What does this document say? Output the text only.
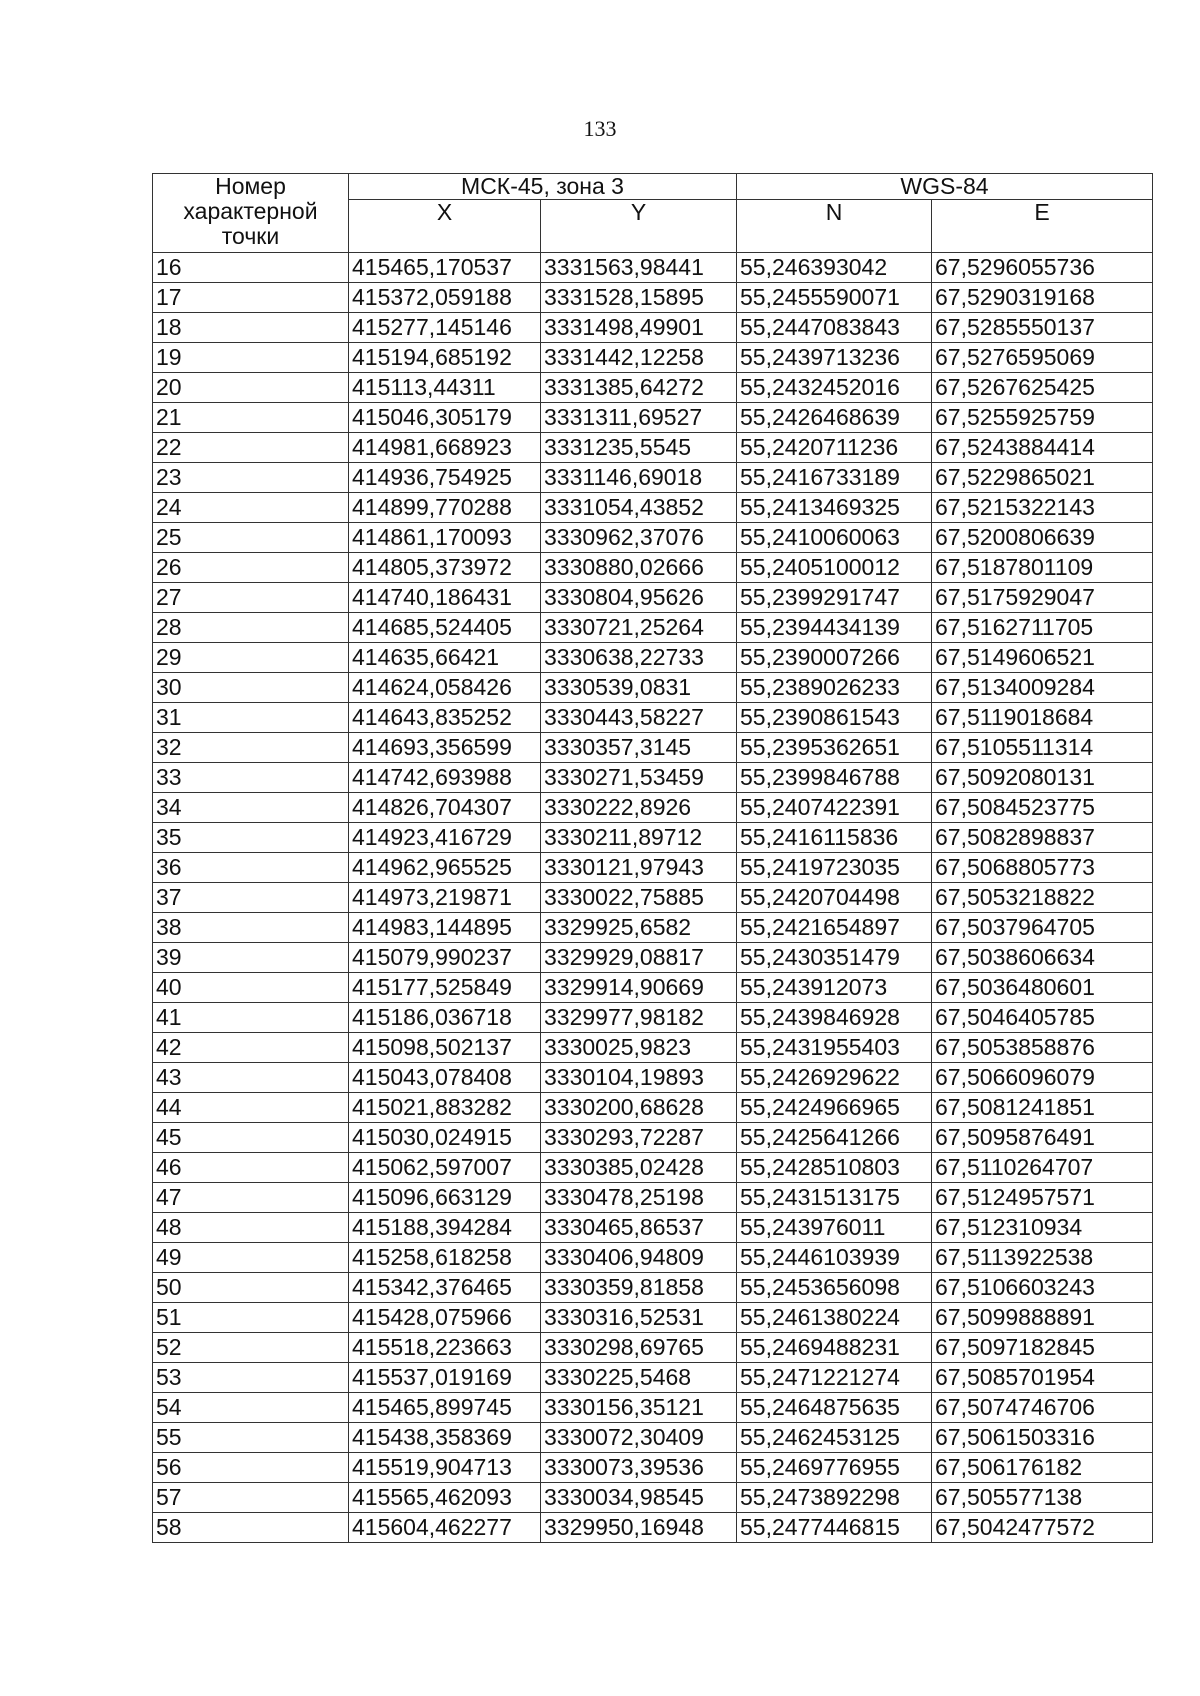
133
Номер характерной точки	МСК-45, зона 3		WGS-84	
	X	Y	N	E
16	415465,170537	3331563,98441	55,246393042	67,5296055736
17	415372,059188	3331528,15895	55,2455590071	67,5290319168
18	415277,145146	3331498,49901	55,2447083843	67,5285550137
19	415194,685192	3331442,12258	55,2439713236	67,5276595069
20	415113,44311	3331385,64272	55,2432452016	67,5267625425
21	415046,305179	3331311,69527	55,2426468639	67,5255925759
22	414981,668923	3331235,5545	55,2420711236	67,5243884414
23	414936,754925	3331146,69018	55,2416733189	67,5229865021
24	414899,770288	3331054,43852	55,2413469325	67,5215322143
25	414861,170093	3330962,37076	55,2410060063	67,5200806639
26	414805,373972	3330880,02666	55,2405100012	67,5187801109
27	414740,186431	3330804,95626	55,2399291747	67,5175929047
28	414685,524405	3330721,25264	55,2394434139	67,5162711705
29	414635,66421	3330638,22733	55,2390007266	67,5149606521
30	414624,058426	3330539,0831	55,2389026233	67,5134009284
31	414643,835252	3330443,58227	55,2390861543	67,5119018684
32	414693,356599	3330357,3145	55,2395362651	67,5105511314
33	414742,693988	3330271,53459	55,2399846788	67,5092080131
34	414826,704307	3330222,8926	55,2407422391	67,5084523775
35	414923,416729	3330211,89712	55,2416115836	67,5082898837
36	414962,965525	3330121,97943	55,2419723035	67,5068805773
37	414973,219871	3330022,75885	55,2420704498	67,5053218822
38	414983,144895	3329925,6582	55,2421654897	67,5037964705
39	415079,990237	3329929,08817	55,2430351479	67,5038606634
40	415177,525849	3329914,90669	55,243912073	67,5036480601
41	415186,036718	3329977,98182	55,2439846928	67,5046405785
42	415098,502137	3330025,9823	55,2431955403	67,5053858876
43	415043,078408	3330104,19893	55,2426929622	67,5066096079
44	415021,883282	3330200,68628	55,2424966965	67,5081241851
45	415030,024915	3330293,72287	55,2425641266	67,5095876491
46	415062,597007	3330385,02428	55,2428510803	67,5110264707
47	415096,663129	3330478,25198	55,2431513175	67,5124957571
48	415188,394284	3330465,86537	55,243976011	67,512310934
49	415258,618258	3330406,94809	55,2446103939	67,5113922538
50	415342,376465	3330359,81858	55,2453656098	67,5106603243
51	415428,075966	3330316,52531	55,2461380224	67,5099888891
52	415518,223663	3330298,69765	55,2469488231	67,5097182845
53	415537,019169	3330225,5468	55,2471221274	67,5085701954
54	415465,899745	3330156,35121	55,2464875635	67,5074746706
55	415438,358369	3330072,30409	55,2462453125	67,5061503316
56	415519,904713	3330073,39536	55,2469776955	67,506176182
57	415565,462093	3330034,98545	55,2473892298	67,505577138
58	415604,462277	3329950,16948	55,2477446815	67,5042477572
